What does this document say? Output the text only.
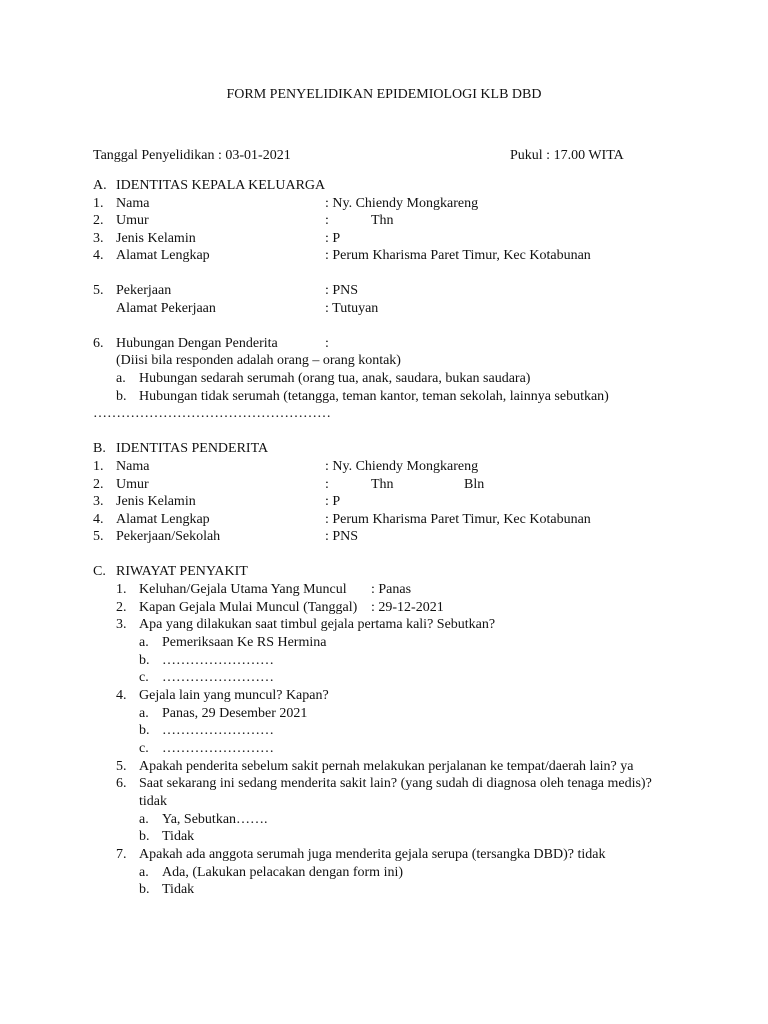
FORM PENYELIDIKAN EPIDEMIOLOGI KLB DBD
Tanggal Penyelidikan : 03-01-2021	Pukul : 17.00 WITA
A. IDENTITAS KEPALA KELUARGA
1. Nama	: Ny. Chiendy Mongkareng
2. Umur	:	Thn
3. Jenis Kelamin	: P
4. Alamat Lengkap	: Perum Kharisma Paret Timur, Kec Kotabunan
5. Pekerjaan	: PNS
Alamat Pekerjaan	: Tutuyan
6. Hubungan Dengan Penderita	:
(Diisi bila responden adalah orang – orang kontak)
a. Hubungan sedarah serumah (orang tua, anak, saudara, bukan saudara)
b. Hubungan tidak serumah (tetangga, teman kantor, teman sekolah, lainnya sebutkan)
……………………………………………
B. IDENTITAS PENDERITA
1. Nama	: Ny. Chiendy Mongkareng
2. Umur	:	Thn	Bln
3. Jenis Kelamin	: P
4. Alamat Lengkap	: Perum Kharisma Paret Timur, Kec Kotabunan
5. Pekerjaan/Sekolah	: PNS
C. RIWAYAT PENYAKIT
1. Keluhan/Gejala Utama Yang Muncul : Panas
2. Kapan Gejala Mulai Muncul (Tanggal) : 29-12-2021
3. Apa yang dilakukan saat timbul gejala pertama kali? Sebutkan?
a. Pemeriksaan Ke RS Hermina
b. ……………………
c. ……………………
4. Gejala lain yang muncul? Kapan?
a. Panas, 29 Desember 2021
b. ……………………
c. ……………………
5. Apakah penderita sebelum sakit pernah melakukan perjalanan ke tempat/daerah lain? ya
6. Saat sekarang ini sedang menderita sakit lain? (yang sudah di diagnosa oleh tenaga medis)?
tidak
a. Ya, Sebutkan…….
b. Tidak
7. Apakah ada anggota serumah juga menderita gejala serupa (tersangka DBD)? tidak
a. Ada, (Lakukan pelacakan dengan form ini)
b. Tidak
